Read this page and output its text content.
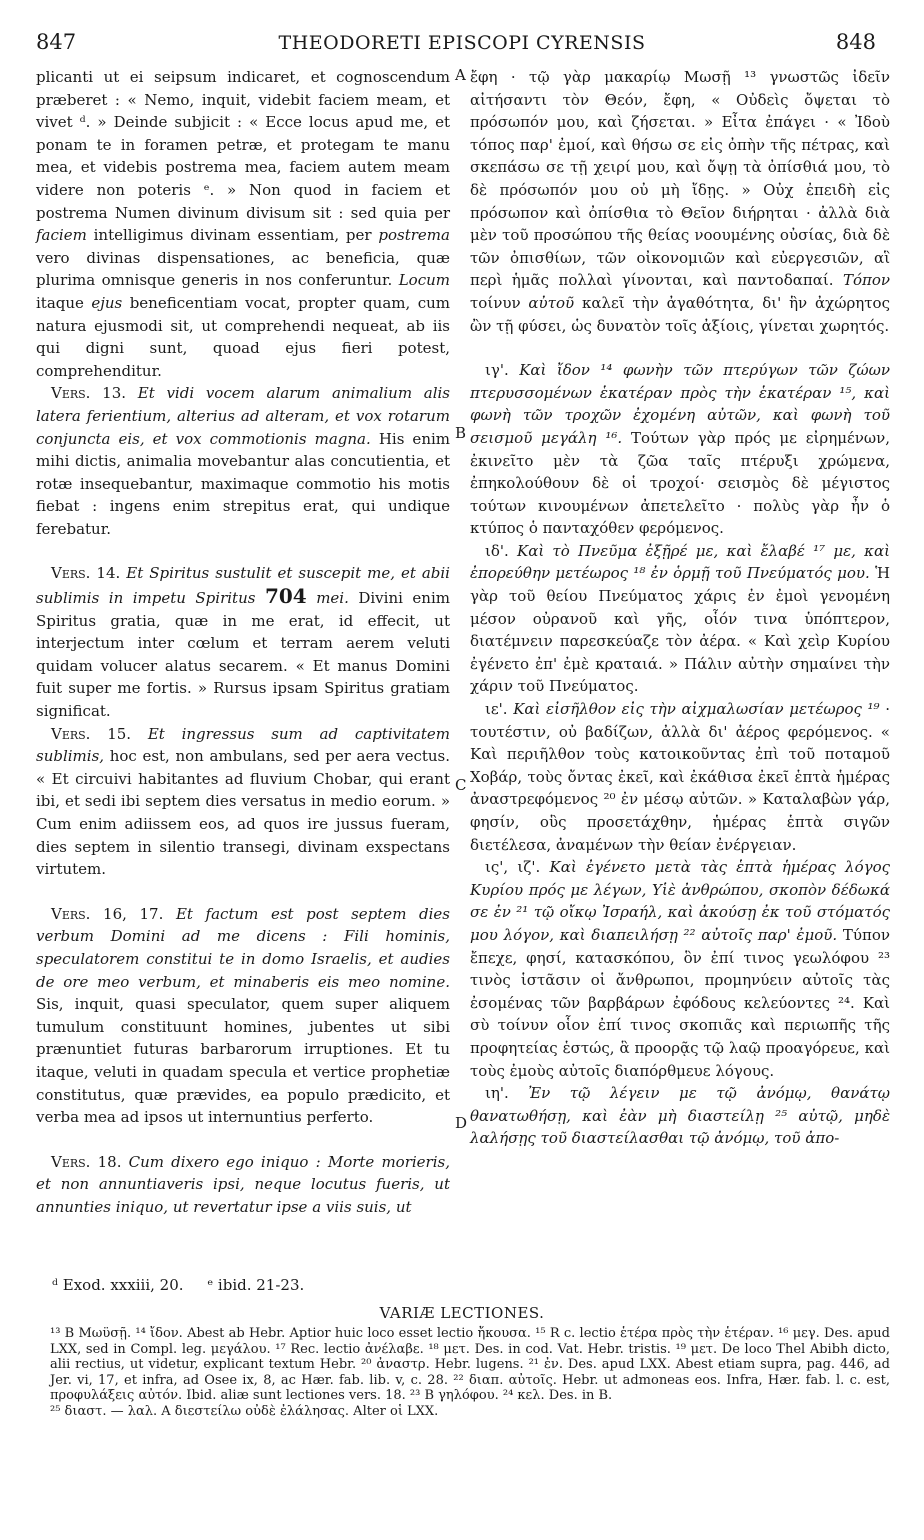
847	THEODORETI EPISCOPI CYRENSIS	848

plicanti ut ei seipsum indicaret, et cognoscendum præberet : « Nemo, inquit, videbit faciem meam, et vivet ᵈ. » Deinde subjicit : « Ecce locus apud me, et ponam te in foramen petræ, et protegam te manu mea, et videbis postrema mea, faciem autem meam videre non poteris ᵉ. » Non quod in faciem et postrema Numen divinum divisum sit : sed quia per faciem intelligimus divinam essentiam, per postrema vero divinas dispensationes, ac beneficia, quæ plurima omnisque generis in nos conferuntur. Locum itaque ejus beneficentiam vocat, propter quam, cum natura ejusmodi sit, ut comprehendi nequeat, ab iis qui digni sunt, quoad ejus fieri potest, comprehenditur.

 Vers. 13. Et vidi vocem alarum animalium alis latera ferientium, alterius ad alteram, et vox rotarum conjuncta eis, et vox commotionis magna. His enim mihi dictis, animalia movebantur alas concutientia, et rotæ insequebantur, maximaque commotio his motis fiebat : ingens enim strepitus erat, qui undique ferebatur.

 Vers. 14. Et Spiritus sustulit et suscepit me, et abii sublimis in impetu Spiritus 704 mei. Divini enim Spiritus gratia, quæ in me erat, id effecit, ut interjectum inter cœlum et terram aerem veluti quidam volucer alatus secarem. « Et manus Domini fuit super me fortis. » Rursus ipsam Spiritus gratiam significat.

 Vers. 15. Et ingressus sum ad captivitatem sublimis, hoc est, non ambulans, sed per aera vectus. « Et circuivi habitantes ad fluvium Chobar, qui erant ibi, et sedi ibi septem dies versatus in medio eorum. » Cum enim adiissem eos, ad quos ire jussus fueram, dies septem in silentio transegi, divinam exspectans virtutem.

 Vers. 16, 17. Et factum est post septem dies verbum Domini ad me dicens : Fili hominis, speculatorem constitui te in domo Israelis, et audies de ore meo verbum, et minaberis eis meo nomine. Sis, inquit, quasi speculator, quem super aliquem tumulum constituunt homines, jubentes ut sibi prænuntiet futuras barbarorum irruptiones. Et tu itaque, veluti in quadam specula et vertice prophetiæ constitutus, quæ prævides, ea populo prædicito, et verba mea ad ipsos ut internuntius perferto.

 Vers. 18. Cum dixero ego iniquo : Morte morieris, et non annuntiaveris ipsi, neque locutus fueris, ut annunties iniquo, ut revertatur ipse a viis suis, ut

ἔφη · τῷ γὰρ μακαρίῳ Μωσῇ ¹³ γνωστῶς ἰδεῖν αἰτήσαντι τὸν Θεόν, ἔφη, « Οὐδεὶς ὄψεται τὸ πρόσωπόν μου, καὶ ζήσεται. » Εἶτα ἐπάγει · « Ἰδοὺ τόπος παρ' ἐμοί, καὶ θήσω σε εἰς ὀπὴν τῆς πέτρας, καὶ σκεπάσω σε τῇ χειρί μου, καὶ ὄψῃ τὰ ὀπίσθιά μου, τὸ δὲ πρόσωπόν μου οὐ μὴ ἴδῃς. » Οὐχ ἐπειδὴ εἰς πρόσωπον καὶ ὀπίσθια τὸ Θεῖον διήρηται · ἀλλὰ διὰ μὲν τοῦ προσώπου τῆς θείας νοουμένης οὐσίας, διὰ δὲ τῶν ὀπισθίων, τῶν οἰκονομιῶν καὶ εὐεργεσιῶν, αἳ περὶ ἡμᾶς πολλαὶ γίνονται, καὶ παντοδαπαί. Τόπον τοίνυν αὐτοῦ καλεῖ τὴν ἀγαθότητα, δι' ἣν ἀχώρητος ὢν τῇ φύσει, ὡς δυνατὸν τοῖς ἀξίοις, γίνεται χωρητός.

 ιγ'. Καὶ ἴδον ¹⁴ φωνὴν τῶν πτερύγων τῶν ζώων πτερυσσομένων ἑκατέραν πρὸς τὴν ἑκατέραν ¹⁵, καὶ φωνὴ τῶν τροχῶν ἐχομένη αὐτῶν, καὶ φωνὴ τοῦ σεισμοῦ μεγάλη ¹⁶. Τούτων γὰρ πρός με εἰρημένων, ἐκινεῖτο μὲν τὰ ζῶα ταῖς πτέρυξι χρώμενα, ἐπηκολούθουν δὲ οἱ τροχοί· σεισμὸς δὲ μέγιστος τούτων κινουμένων ἀπετελεῖτο · πολὺς γὰρ ἦν ὁ κτύπος ὁ πανταχόθεν φερόμενος.

 ιδ'. Καὶ τὸ Πνεῦμα ἐξῇρέ με, καὶ ἔλαβέ ¹⁷ με, καὶ ἐπορεύθην μετέωρος ¹⁸ ἐν ὁρμῇ τοῦ Πνεύματός μου. Ἡ γὰρ τοῦ θείου Πνεύματος χάρις ἐν ἐμοὶ γενομένη μέσον οὐρανοῦ καὶ γῆς, οἷόν τινα ὑπόπτερον, διατέμνειν παρεσκεύαζε τὸν ἀέρα. « Καὶ χεὶρ Κυρίου ἐγένετο ἐπ' ἐμὲ κραταιά. » Πάλιν αὐτὴν σημαίνει τὴν χάριν τοῦ Πνεύματος.

 ιε'. Καὶ εἰσῆλθον εἰς τὴν αἰχμαλωσίαν μετέωρος ¹⁹ · τουτέστιν, οὐ βαδίζων, ἀλλὰ δι' ἀέρος φερόμενος. « Καὶ περιῆλθον τοὺς κατοικοῦντας ἐπὶ τοῦ ποταμοῦ Χοβάρ, τοὺς ὄντας ἐκεῖ, καὶ ἐκάθισα ἐκεῖ ἑπτὰ ἡμέρας ἀναστρεφόμενος ²⁰ ἐν μέσῳ αὐτῶν. » Καταλαβὼν γάρ, φησίν, οὓς προσετάχθην, ἡμέρας ἑπτὰ σιγῶν διετέλεσα, ἀναμένων τὴν θείαν ἐνέργειαν.

 ις', ιζ'. Καὶ ἐγένετο μετὰ τὰς ἑπτὰ ἡμέρας λόγος Κυρίου πρός με λέγων, Υἱὲ ἀνθρώπου, σκοπὸν δέδωκά σε ἐν ²¹ τῷ οἴκῳ Ἰσραήλ, καὶ ἀκούσῃ ἐκ τοῦ στόματός μου λόγον, καὶ διαπειλήσῃ ²² αὐτοῖς παρ' ἐμοῦ. Τύπον ἔπεχε, φησί, κατασκόπου, ὃν ἐπί τινος γεωλόφου ²³ τινὸς ἱστᾶσιν οἱ ἄνθρωποι, προμηνύειν αὐτοῖς τὰς ἐσομένας τῶν βαρβάρων ἐφόδους κελεύοντες ²⁴. Καὶ σὺ τοίνυν οἷον ἐπί τινος σκοπιᾶς καὶ περιωπῆς τῆς προφητείας ἑστώς, ἃ προορᾷς τῷ λαῷ προαγόρευε, καὶ τοὺς ἐμοὺς αὐτοῖς διαπόρθμευε λόγους.

 ιη'. Ἐν τῷ λέγειν με τῷ ἀνόμῳ, θανάτῳ θανατωθήσῃ, καὶ ἐὰν μὴ διαστείλῃ ²⁵ αὐτῷ, μηδὲ λαλήσῃς τοῦ διαστείλασθαι τῷ ἀνόμῳ, τοῦ ἀπο-

A
B
C
D
ᵈ Exod. xxxiii, 20.     ᵉ ibid. 21-23.
VARIÆ LECTIONES.

¹³ B Μωϋσῇ. ¹⁴ ἴδον. Abest ab Hebr. Aptior huic loco esset lectio ἤκουσα. ¹⁵ R c. lectio ἑτέρα πρὸς τὴν ἑτέραν. ¹⁶ μεγ. Des. apud LXX, sed in Compl. leg. μεγάλου. ¹⁷ Rec. lectio ἀνέλαβε. ¹⁸ μετ. Des. in cod. Vat. Hebr. tristis. ¹⁹ μετ. De loco Thel Abibh dicto, alii rectius, ut videtur, explicant textum Hebr. ²⁰ ἀναστρ. Hebr. lugens. ²¹ ἐν. Des. apud LXX. Abest etiam supra, pag. 446, ad Jer. vi, 17, et infra, ad Osee ix, 8, ac Hær. fab. lib. v, c. 28. ²² διαπ. αὐτοῖς. Hebr. ut admoneas eos. Infra, Hær. fab. l. c. est, προφυλάξεις αὐτόν. Ibid. aliæ sunt lectiones vers. 18. ²³ B γηλόφου. ²⁴ κελ. Des. in B.

²⁵ διαστ. — λαλ. A διεστείλω οὐδὲ ἐλάλησας. Alter οἱ LXX.
